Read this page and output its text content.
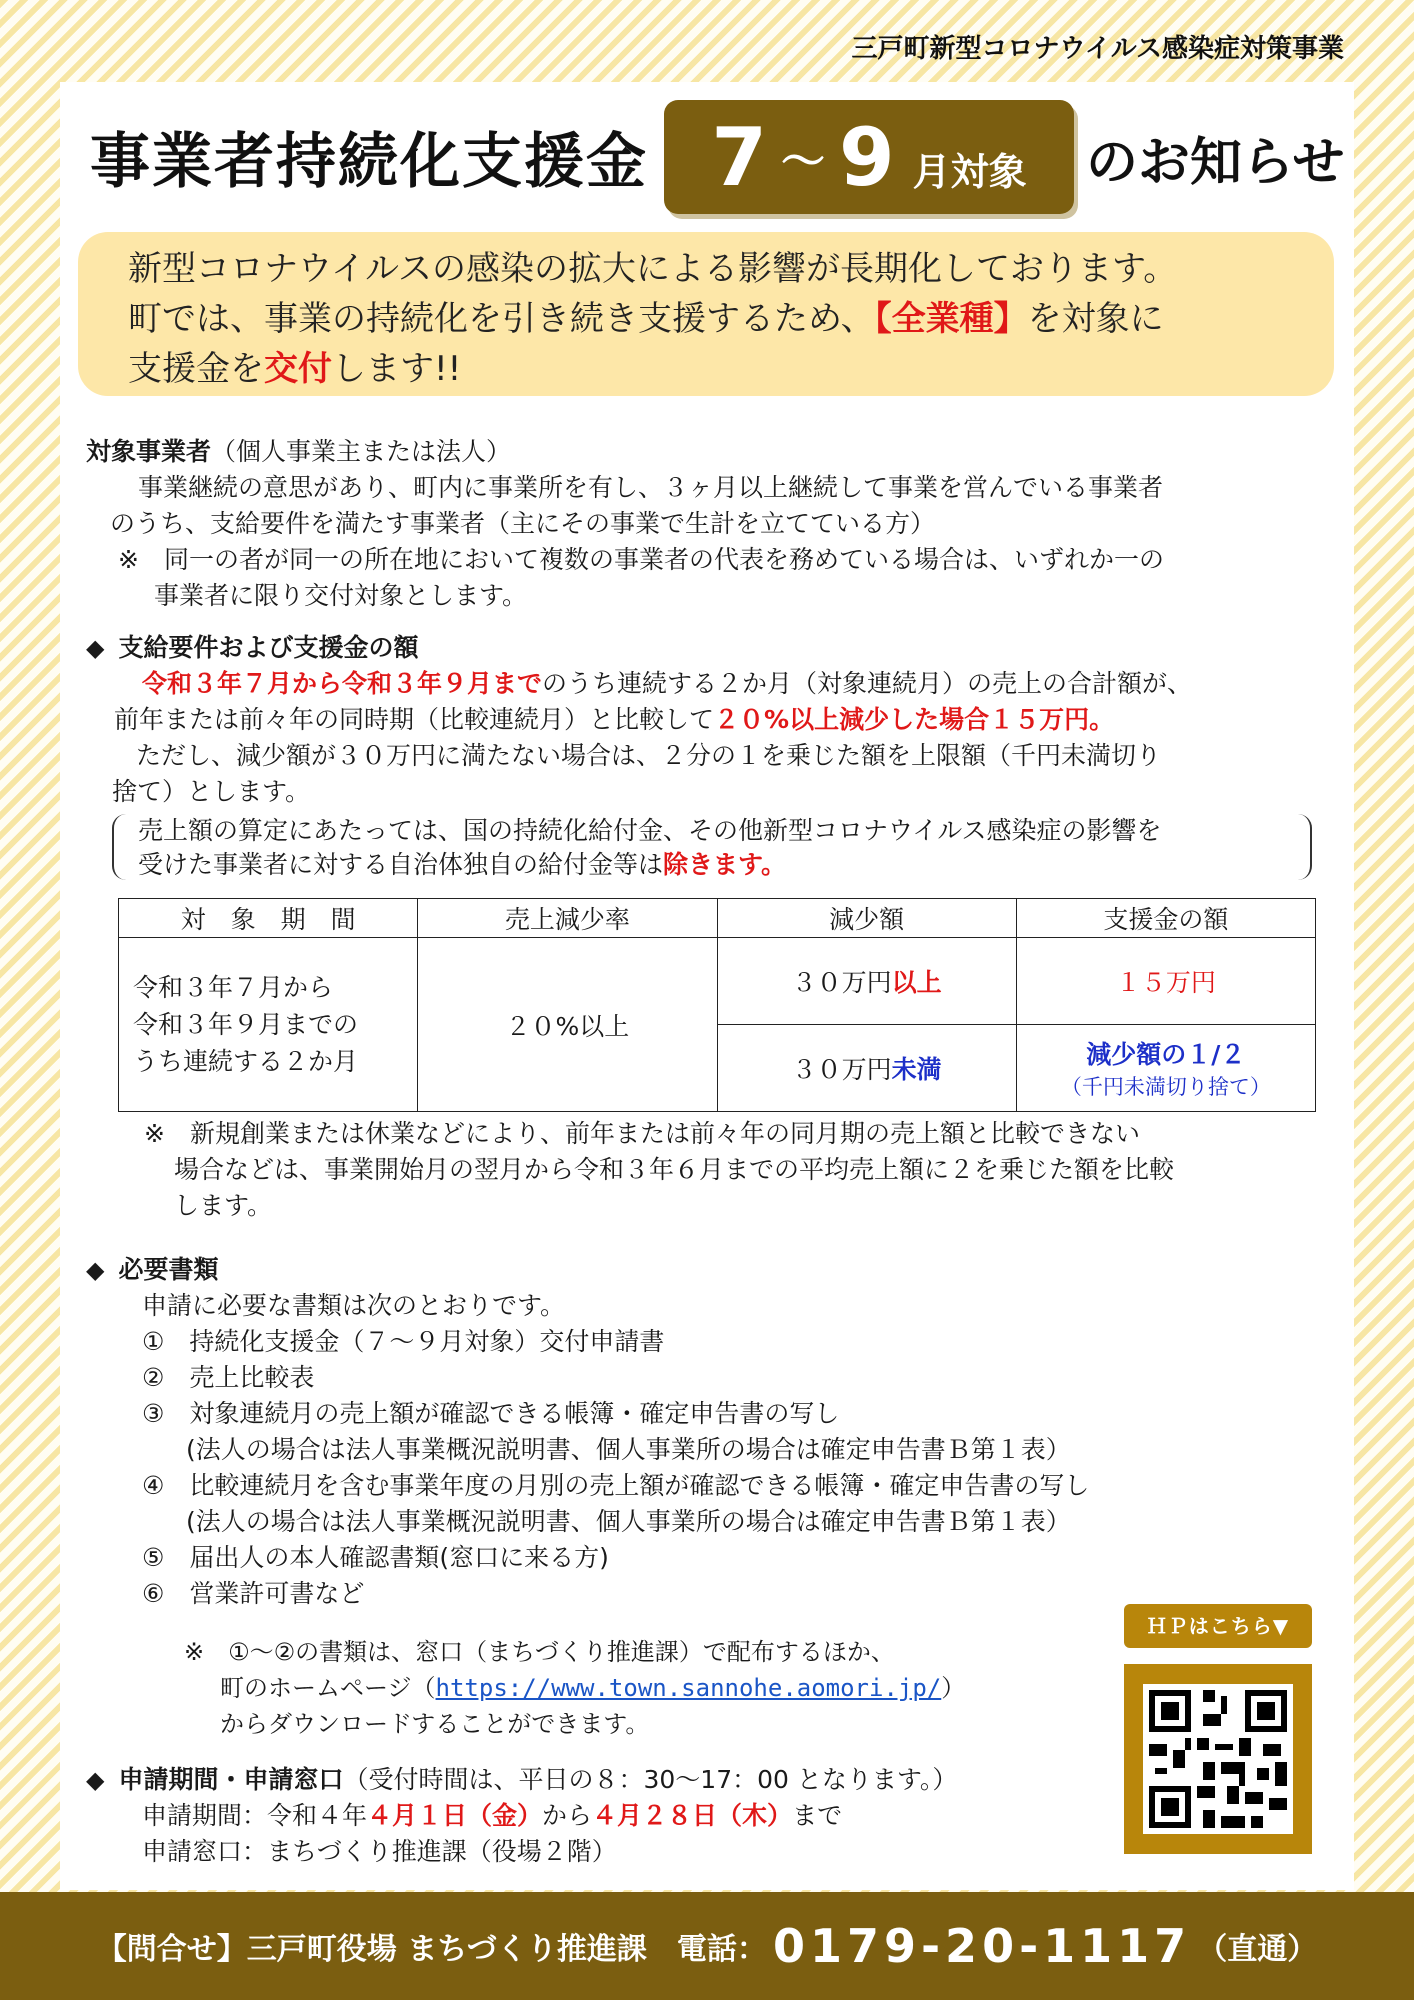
三戸町新型コロナウイルス感染症対策事業
事業者持続化支援金 7 ～ 9 月対象 のお知らせ
新型コロナウイルスの感染の拡大による影響が長期化しております。
町では、事業の持続化を引き続き支援するため、【全業種】を対象に
支援金を交付します!!
対象事業者（個人事業主または法人）
事業継続の意思があり、町内に事業所を有し、３ヶ月以上継続して事業を営んでいる事業者
のうち、支給要件を満たす事業者（主にその事業で生計を立てている方）
※　同一の者が同一の所在地において複数の事業者の代表を務めている場合は、いずれか一の
事業者に限り交付対象とします。
◆ 支給要件および支援金の額
令和３年７月から令和３年９月までのうち連続する２か月（対象連続月）の売上の合計額が、
前年または前々年の同時期（比較連続月）と比較して２０%以上減少した場合１５万円。
ただし、減少額が３０万円に満たない場合は、２分の１を乗じた額を上限額（千円未満切り
捨て）とします。
売上額の算定にあたっては、国の持続化給付金、その他新型コロナウイルス感染症の影響を
受けた事業者に対する自治体独自の給付金等は除きます。
対　象　期　間	売上減少率	減少額	支援金の額

令和３年７月から
令和３年９月までの
うち連続する２か月	２０%以上	３０万円以上	１５万円
		３０万円未満	減少額の１/２
（千円未満切り捨て）
※　新規創業または休業などにより、前年または前々年の同月期の売上額と比較できない
場合などは、事業開始月の翌月から令和３年６月までの平均売上額に２を乗じた額を比較
します。
◆ 必要書類
申請に必要な書類は次のとおりです。
①　持続化支援金（７～９月対象）交付申請書
②　売上比較表
③　対象連続月の売上額が確認できる帳簿・確定申告書の写し
(法人の場合は法人事業概況説明書、個人事業所の場合は確定申告書Ｂ第１表）
④　比較連続月を含む事業年度の月別の売上額が確認できる帳簿・確定申告書の写し
(法人の場合は法人事業概況説明書、個人事業所の場合は確定申告書Ｂ第１表）
⑤　届出人の本人確認書類(窓口に来る方)
⑥　営業許可書など
※　①～②の書類は、窓口（まちづくり推進課）で配布するほか、
町のホームページ（https://www.town.sannohe.aomori.jp/）
からダウンロードすることができます。
ＨＰはこちら▼
◆ 申請期間・申請窓口（受付時間は、平日の８：30～17：00 となります。）
申請期間：令和４年４月１日（金）から４月２８日（木）まで
申請窓口：まちづくり推進課（役場２階）
【問合せ】三戸町役場 まちづくり推進課　電話： 0179-20-1117 （直通）
